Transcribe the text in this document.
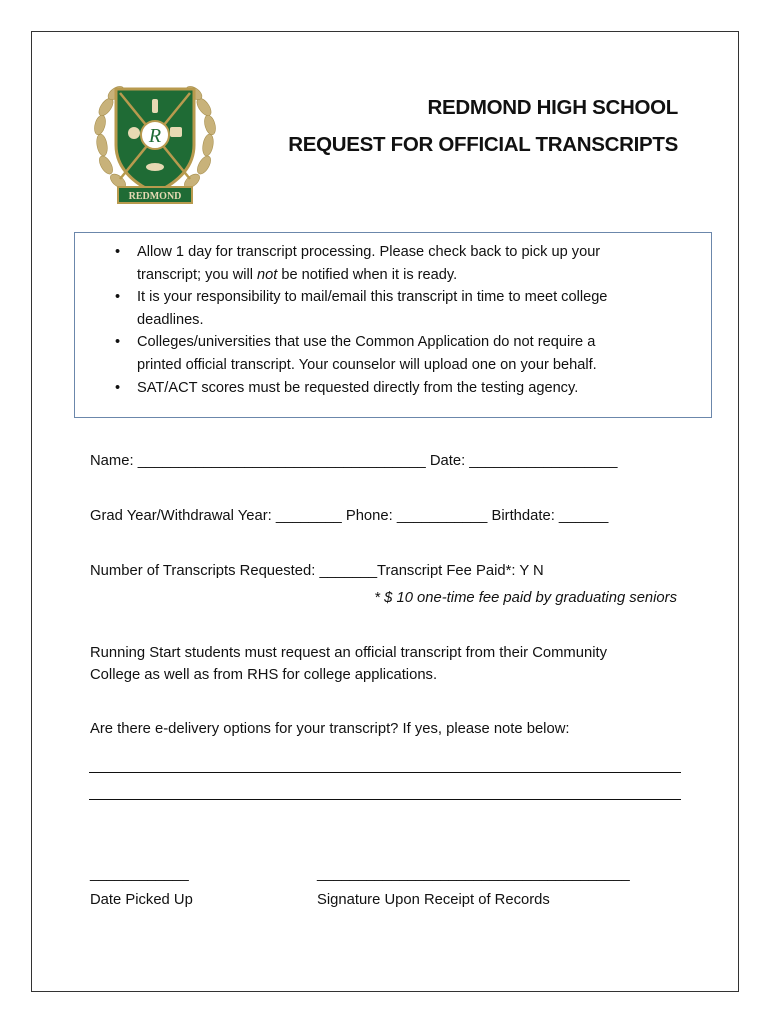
R
REDMOND
REDMOND HIGH SCHOOL
REQUEST FOR OFFICIAL TRANSCRIPTS
• Allow 1 day for transcript processing. Please check back to pick up your
transcript; you will not be notified when it is ready.
• It is your responsibility to mail/email this transcript in time to meet college
deadlines.
• Colleges/universities that use the Common Application do not require a
printed official transcript. Your counselor will upload one on your behalf.
• SAT/ACT scores must be requested directly from the testing agency.
Name: ___________________________________ Date: __________________
Grad Year/Withdrawal Year: ________ Phone: ___________ Birthdate: ______
Number of Transcripts Requested: _______Transcript Fee Paid*: Y N
* $ 10 one-time fee paid by graduating seniors
Running Start students must request an official transcript from their Community
College as well as from RHS for college applications.
Are there e-delivery options for your transcript? If yes, please note below:
____________
Date Picked Up
______________________________________
Signature Upon Receipt of Records
